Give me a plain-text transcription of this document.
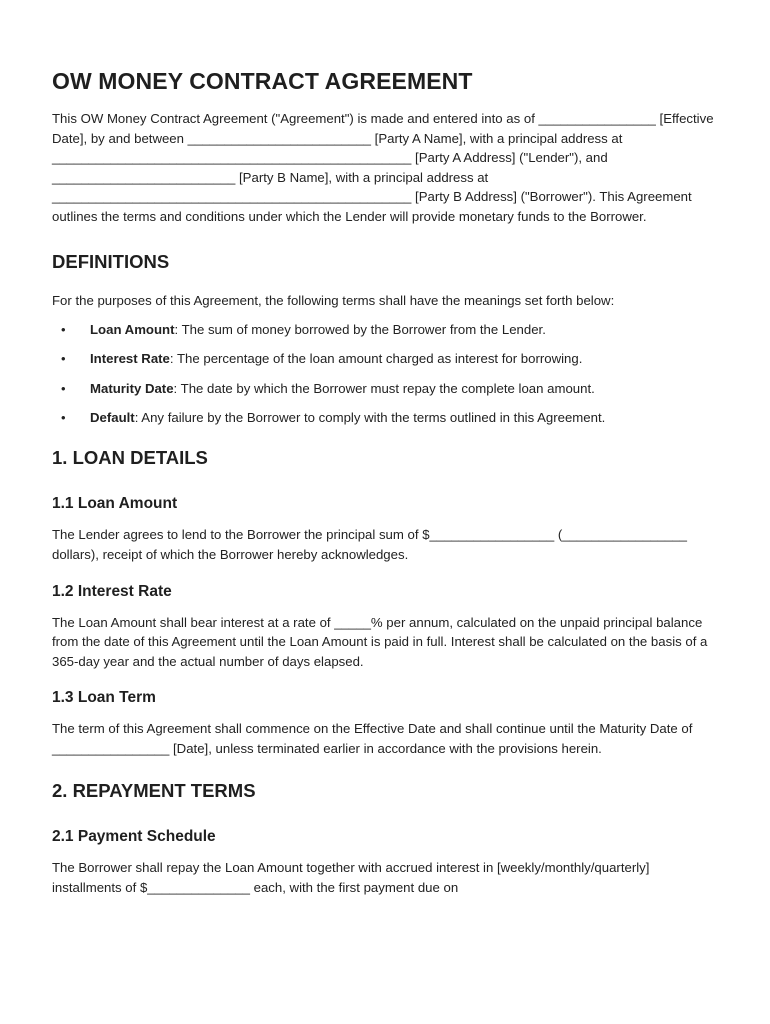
OW MONEY CONTRACT AGREEMENT

This OW Money Contract Agreement ("Agreement") is made and entered into as of ________________ [Effective Date], by and between _________________________ [Party A Name], with a principal address at _________________________________________________ [Party A Address] ("Lender"), and _________________________ [Party B Name], with a principal address at _________________________________________________ [Party B Address] ("Borrower"). This Agreement outlines the terms and conditions under which the Lender will provide monetary funds to the Borrower.

DEFINITIONS

For the purposes of this Agreement, the following terms shall have the meanings set forth below:

• Loan Amount: The sum of money borrowed by the Borrower from the Lender.
• Interest Rate: The percentage of the loan amount charged as interest for borrowing.
• Maturity Date: The date by which the Borrower must repay the complete loan amount.
• Default: Any failure by the Borrower to comply with the terms outlined in this Agreement.
1. LOAN DETAILS
1.1 Loan Amount

The Lender agrees to lend to the Borrower the principal sum of $_________________ (_________________ dollars), receipt of which the Borrower hereby acknowledges.

1.2 Interest Rate

The Loan Amount shall bear interest at a rate of _____% per annum, calculated on the unpaid principal balance from the date of this Agreement until the Loan Amount is paid in full. Interest shall be calculated on the basis of a 365-day year and the actual number of days elapsed.

1.3 Loan Term

The term of this Agreement shall commence on the Effective Date and shall continue until the Maturity Date of ________________ [Date], unless terminated earlier in accordance with the provisions herein.

2. REPAYMENT TERMS
2.1 Payment Schedule

The Borrower shall repay the Loan Amount together with accrued interest in [weekly/monthly/quarterly] installments of $______________ each, with the first payment due on
